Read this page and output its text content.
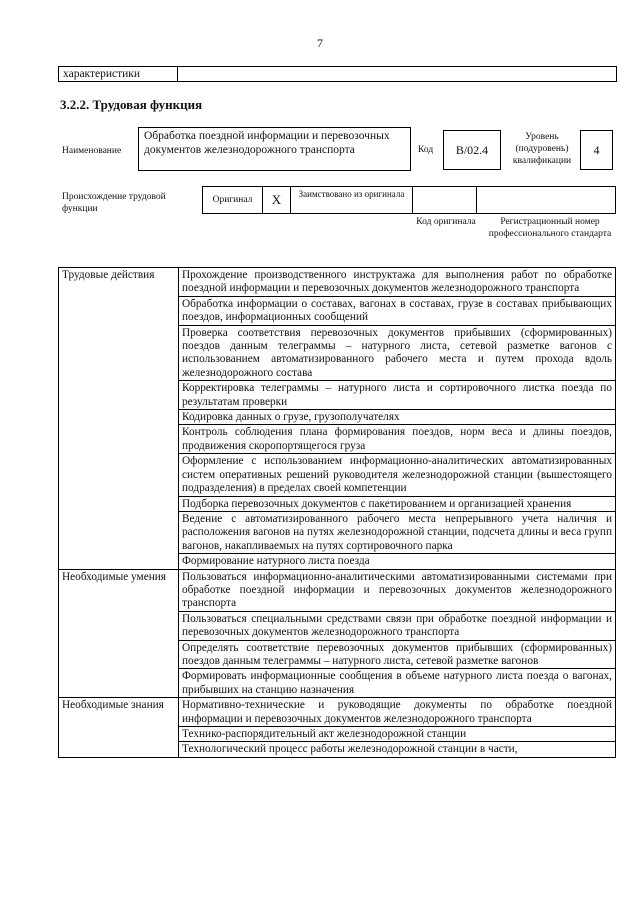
7
характеристики
3.2.2. Трудовая функция
Наименование
Обработка поездной информации и перевозочных документов железнодорожного транспорта	Код	B/02.4
Уровень (подуровень) квалификации
4
Происхождение трудовой функции
Оригинал	X	Заимствовано из оригинала
Код оригинала	Регистрационный номер профессионального стандарта
Трудовые действия	Прохождение производственного инструктажа для выполнения работ по обработке поездной информации и перевозочных документов железнодорожного транспорта
	Обработка информации о составах, вагонах в составах, грузе в составах прибывающих поездов, информационных сообщений
	Проверка соответствия перевозочных документов прибывших (сформированных) поездов данным телеграммы – натурного листа, сетевой разметке вагонов с использованием автоматизированного рабочего места и путем прохода вдоль железнодорожного состава
	Корректировка телеграммы – натурного листа и сортировочного листка поезда по результатам проверки
	Кодировка данных о грузе, грузополучателях
	Контроль соблюдения плана формирования поездов, норм веса и длины поездов, продвижения скоропортящегося груза
	Оформление с использованием информационно-аналитических автоматизированных систем оперативных решений руководителя железнодорожной станции (вышестоящего подразделения) в пределах своей компетенции
	Подборка перевозочных документов с пакетированием и организацией хранения
	Ведение с автоматизированного рабочего места непрерывного учета наличия и расположения вагонов на путях железнодорожной станции, подсчета длины и веса групп вагонов, накапливаемых на путях сортировочного парка
	Формирование натурного листа поезда
Необходимые умения	Пользоваться информационно-аналитическими автоматизированными системами при обработке поездной информации и перевозочных документов железнодорожного транспорта
	Пользоваться специальными средствами связи при обработке поездной информации и перевозочных документов железнодорожного транспорта
	Определять соответствие перевозочных документов прибывших (сформированных) поездов данным телеграммы – натурного листа, сетевой разметке вагонов
	Формировать информационные сообщения в объеме натурного листа поезда о вагонах, прибывших на станцию назначения
Необходимые знания	Нормативно-технические и руководящие документы по обработке поездной информации и перевозочных документов железнодорожного транспорта
	Технико-распорядительный акт железнодорожной станции
	Технологический процесс работы железнодорожной станции в части,
